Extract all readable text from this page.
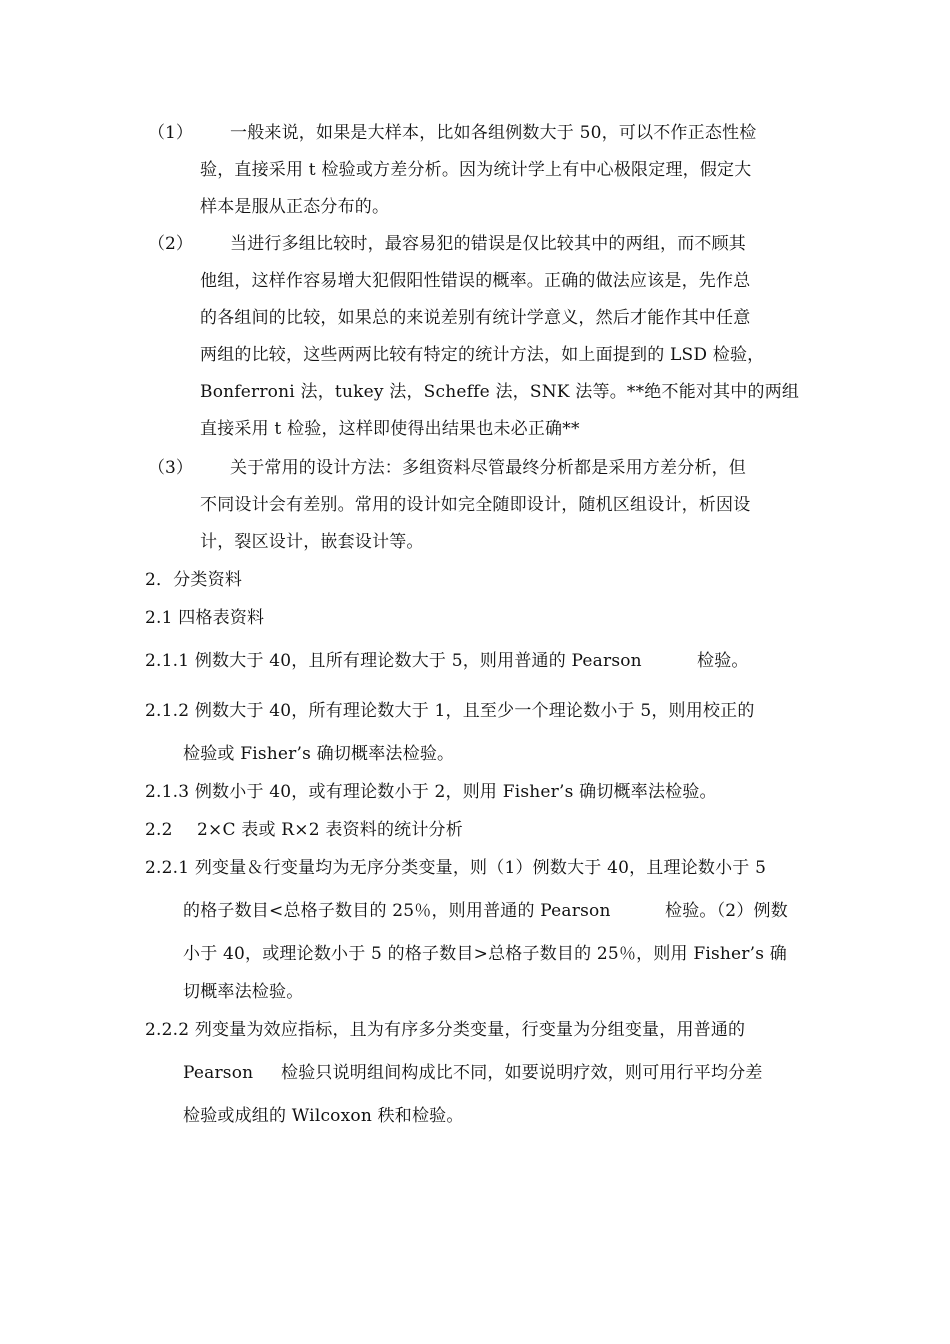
（1） 一般来说，如果是大样本，比如各组例数大于 50，可以不作正态性检
验，直接采用 t 检验或方差分析。因为统计学上有中心极限定理，假定大
样本是服从正态分布的。
（2） 当进行多组比较时，最容易犯的错误是仅比较其中的两组，而不顾其
他组，这样作容易增大犯假阳性错误的概率。正确的做法应该是，先作总
的各组间的比较，如果总的来说差别有统计学意义，然后才能作其中任意
两组的比较，这些两两比较有特定的统计方法，如上面提到的 LSD 检验，
Bonferroni 法，tukey 法，Scheffe 法，SNK 法等。**绝不能对其中的两组
直接采用 t 检验，这样即使得出结果也未必正确**
（3） 关于常用的设计方法：多组资料尽管最终分析都是采用方差分析，但
不同设计会有差别。常用的设计如完全随即设计，随机区组设计，析因设
计，裂区设计，嵌套设计等。
2．分类资料
2.1 四格表资料
2.1.1 例数大于 40，且所有理论数大于 5，则用普通的 Pearson	检验。
2.1.2 例数大于 40，所有理论数大于 1，且至少一个理论数小于 5，则用校正的
检验或 Fisher’s 确切概率法检验。
2.1.3 例数小于 40，或有理论数小于 2，则用 Fisher’s 确切概率法检验。
2.2 2×C 表或 R×2 表资料的统计分析
2.2.1 列变量＆行变量均为无序分类变量，则（1）例数大于 40，且理论数小于 5
的格子数目<总格子数目的 25％，则用普通的 Pearson	检验。（2）例数
小于 40，或理论数小于 5 的格子数目>总格子数目的 25％，则用 Fisher’s 确
切概率法检验。
2.2.2 列变量为效应指标，且为有序多分类变量，行变量为分组变量，用普通的
Pearson 检验只说明组间构成比不同，如要说明疗效，则可用行平均分差
检验或成组的 Wilcoxon 秩和检验。
